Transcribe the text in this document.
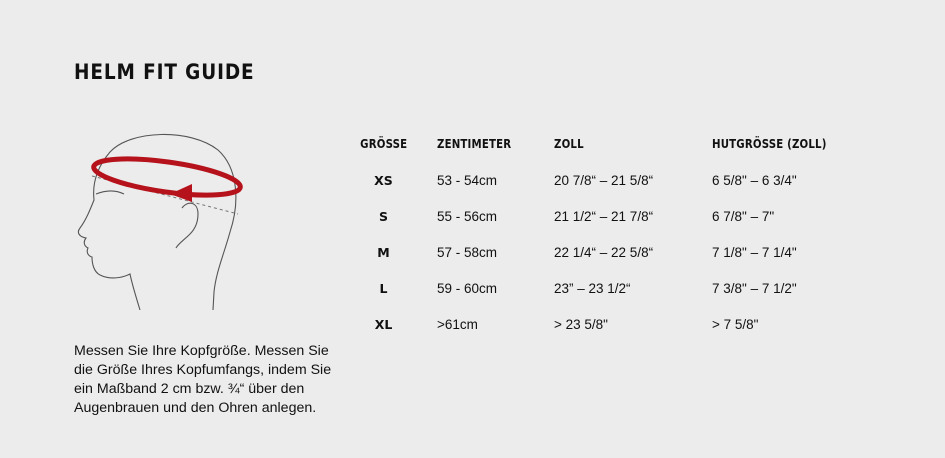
HELM FIT GUIDE
Messen Sie Ihre Kopfgröße. Messen Sie die Größe Ihres Kopfumfangs, indem Sie ein Maßband 2 cm bzw. ¾“ über den Augenbrauen und den Ohren anlegen.
GRÖSSE	ZENTIMETER	ZOLL	HUTGRÖSSE (ZOLL)
XS	53 - 54cm	20 7/8“ – 21 5/8“	6 5/8" – 6 3/4"
S	55 - 56cm	21 1/2“ – 21 7/8“	6 7/8" – 7"
M	57 - 58cm	22 1/4“ – 22 5/8“	7 1/8" – 7 1/4"
L	59 - 60cm	23” – 23 1/2“	7 3/8" – 7 1/2"
XL	>61cm	> 23 5/8"	> 7 5/8"
